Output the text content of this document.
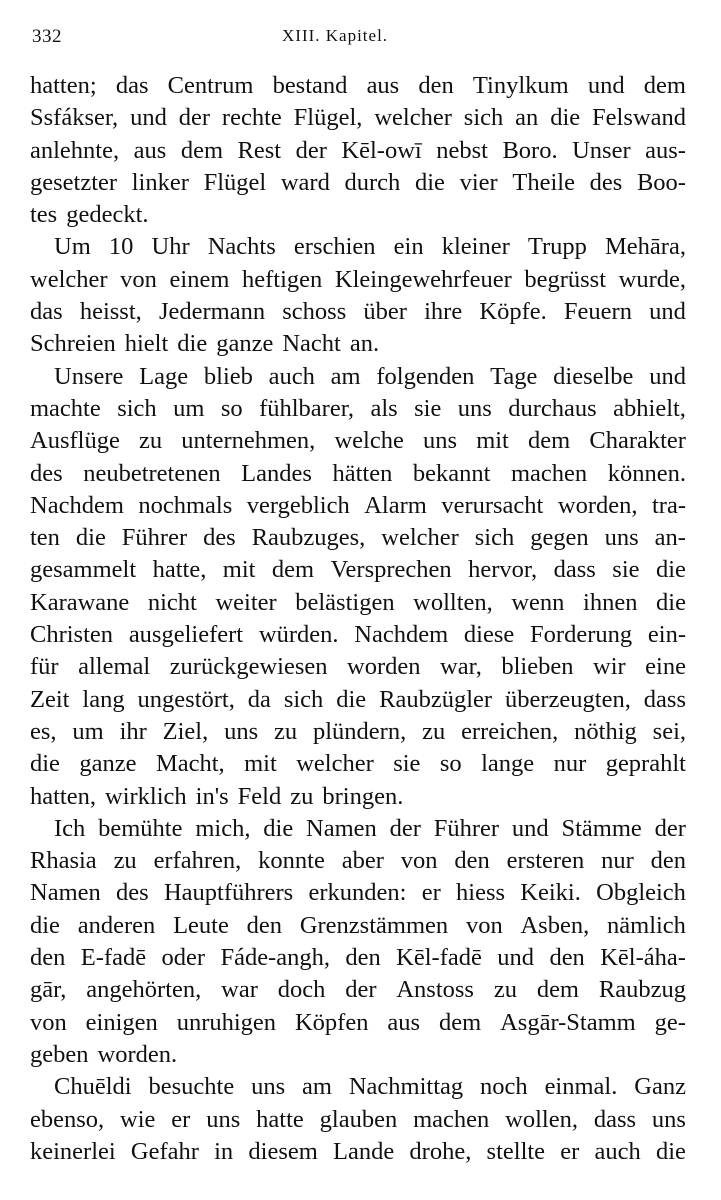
332	XIII. Kapitel.
hatten; das Centrum bestand aus den Tinylkum und dem
Ssfákser, und der rechte Flügel, welcher sich an die Felswand
anlehnte, aus dem Rest der Kēl-owī nebst Boro. Unser aus-
gesetzter linker Flügel ward durch die vier Theile des Boo-
tes gedeckt.
Um 10 Uhr Nachts erschien ein kleiner Trupp Mehāra,
welcher von einem heftigen Kleingewehrfeuer begrüsst wurde,
das heisst, Jedermann schoss über ihre Köpfe. Feuern und
Schreien hielt die ganze Nacht an.
Unsere Lage blieb auch am folgenden Tage dieselbe und
machte sich um so fühlbarer, als sie uns durchaus abhielt,
Ausflüge zu unternehmen, welche uns mit dem Charakter
des neubetretenen Landes hätten bekannt machen können.
Nachdem nochmals vergeblich Alarm verursacht worden, tra-
ten die Führer des Raubzuges, welcher sich gegen uns an-
gesammelt hatte, mit dem Versprechen hervor, dass sie die
Karawane nicht weiter belästigen wollten, wenn ihnen die
Christen ausgeliefert würden. Nachdem diese Forderung ein-
für allemal zurückgewiesen worden war, blieben wir eine
Zeit lang ungestört, da sich die Raubzügler überzeugten, dass
es, um ihr Ziel, uns zu plündern, zu erreichen, nöthig sei,
die ganze Macht, mit welcher sie so lange nur geprahlt
hatten, wirklich in's Feld zu bringen.
Ich bemühte mich, die Namen der Führer und Stämme der
Rhasia zu erfahren, konnte aber von den ersteren nur den
Namen des Hauptführers erkunden: er hiess Keiki. Obgleich
die anderen Leute den Grenzstämmen von Asben, nämlich
den E-fadē oder Fáde-angh, den Kēl-fadē und den Kēl-áha-
gār, angehörten, war doch der Anstoss zu dem Raubzug
von einigen unruhigen Köpfen aus dem Asgār-Stamm ge-
geben worden.
Chuēldi besuchte uns am Nachmittag noch einmal. Ganz
ebenso, wie er uns hatte glauben machen wollen, dass uns
keinerlei Gefahr in diesem Lande drohe, stellte er auch die
